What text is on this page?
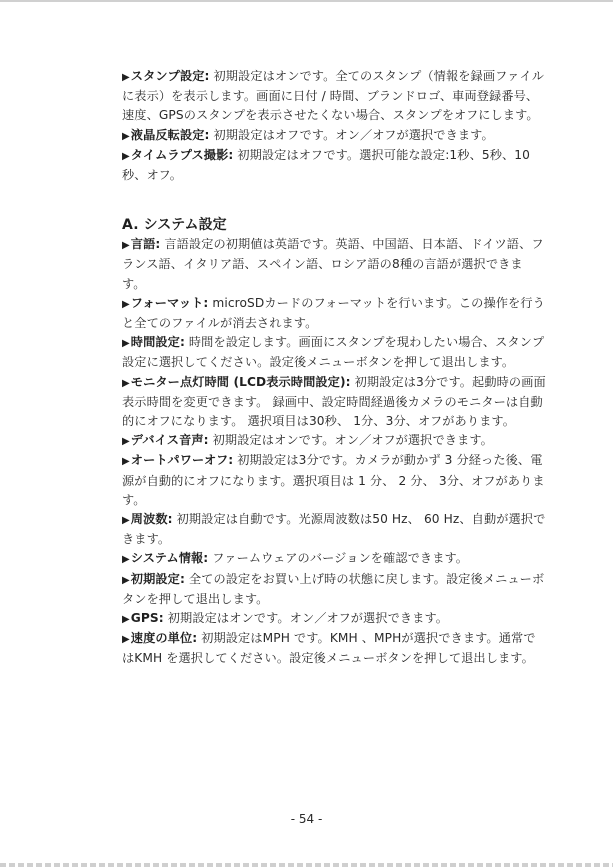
▶スタンプ設定: 初期設定はオンです。全てのスタンプ（情報を録画ファイルに表示）を表示します。画面に日付 / 時間、ブランドロゴ、車両登録番号、速度、GPSのスタンプを表示させたくない場合、スタンプをオフにします。

▶液晶反転設定: 初期設定はオフです。オン／オフが選択できます。

▶タイムラプス撮影: 初期設定はオフです。選択可能な設定:1秒、5秒、10秒、オフ。

A. システム設定

▶言語: 言語設定の初期値は英語です。英語、中国語、日本語、ドイツ語、フランス語、イタリア語、スペイン語、ロシア語の8種の言語が選択できます。

▶フォーマット: microSDカードのフォーマットを行います。この操作を行うと全てのファイルが消去されます。

▶時間設定: 時間を設定します。画面にスタンプを現わしたい場合、スタンプ設定に選択してください。設定後メニューボタンを押して退出します。

▶モニター点灯時間 (LCD表示時間設定): 初期設定は3分です。起動時の画面表示時間を変更できます。 録画中、設定時間経過後カメラのモニターは自動的にオフになります。 選択項目は30秒、 1分、3分、オフがあります。

▶デバイス音声: 初期設定はオンです。オン／オフが選択できます。

▶オートパワーオフ: 初期設定は3分です。カメラが動かず 3 分経った後、電源が自動的にオフになります。選択項目は 1 分、 2 分、 3分、オフがあります。

▶周波数: 初期設定は自動です。光源周波数は50 Hz、 60 Hz、自動が選択できます。

▶システム情報: ファームウェアのバージョンを確認できます。

▶初期設定: 全ての設定をお買い上げ時の状態に戻します。設定後メニューボタンを押して退出します。

▶GPS: 初期設定はオンです。オン／オフが選択できます。

▶速度の単位: 初期設定はMPH です。KMH 、MPHが選択できます。通常ではKMH を選択してください。設定後メニューボタンを押して退出します。

- 54 -
